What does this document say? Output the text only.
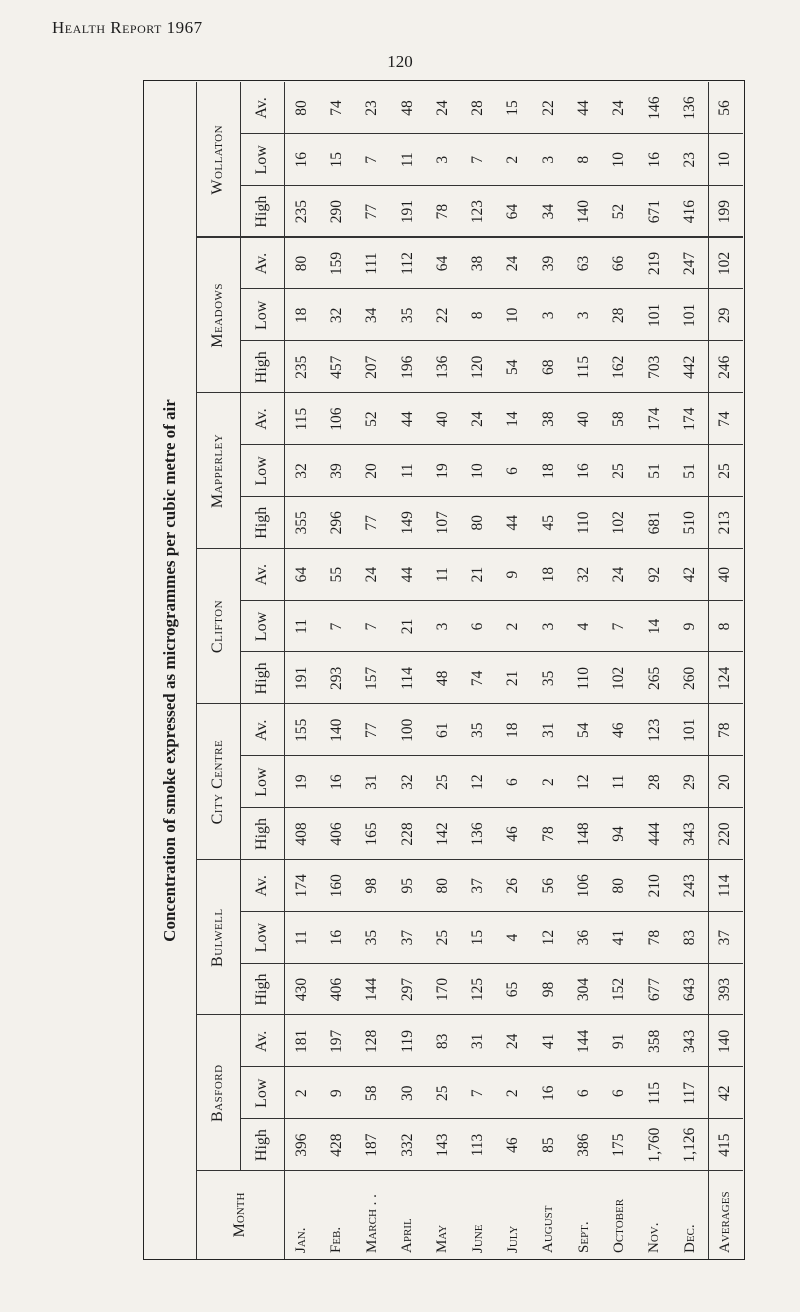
Health Report 1967
120
Concentration of smoke expressed as microgrammes per cubic metre of air
Month
Basford
High
Low
Av.
Bulwell
High
Low
Av.
City Centre
High
Low
Av.
Clifton
High
Low
Av.
Mapperley
High
Low
Av.
Meadows
High
Low
Av.
Wollaton
High
Low
Av.
Jan.
396
2
181
430
11
174
408
19
155
191
11
64
355
32
115
235
18
80
235
16
80
Feb.
428
9
197
406
16
160
406
16
140
293
7
55
296
39
106
457
32
159
290
15
74
March . .
187
58
128
144
35
98
165
31
77
157
7
24
77
20
52
207
34
111
77
7
23
April
332
30
119
297
37
95
228
32
100
114
21
44
149
11
44
196
35
112
191
11
48
May
143
25
83
170
25
80
142
25
61
48
3
11
107
19
40
136
22
64
78
3
24
June
113
7
31
125
15
37
136
12
35
74
6
21
80
10
24
120
8
38
123
7
28
July
46
2
24
65
4
26
46
6
18
21
2
9
44
6
14
54
10
24
64
2
15
August
85
16
41
98
12
56
78
2
31
35
3
18
45
18
38
68
3
39
34
3
22
Sept.
386
6
144
304
36
106
148
12
54
110
4
32
110
16
40
115
3
63
140
8
44
October
175
6
91
152
41
80
94
11
46
102
7
24
102
25
58
162
28
66
52
10
24
Nov.
1,760
115
358
677
78
210
444
28
123
265
14
92
681
51
174
703
101
219
671
16
146
Dec.
1,126
117
343
643
83
243
343
29
101
260
9
42
510
51
174
442
101
247
416
23
136
Averages
415
42
140
393
37
114
220
20
78
124
8
40
213
25
74
246
29
102
199
10
56
